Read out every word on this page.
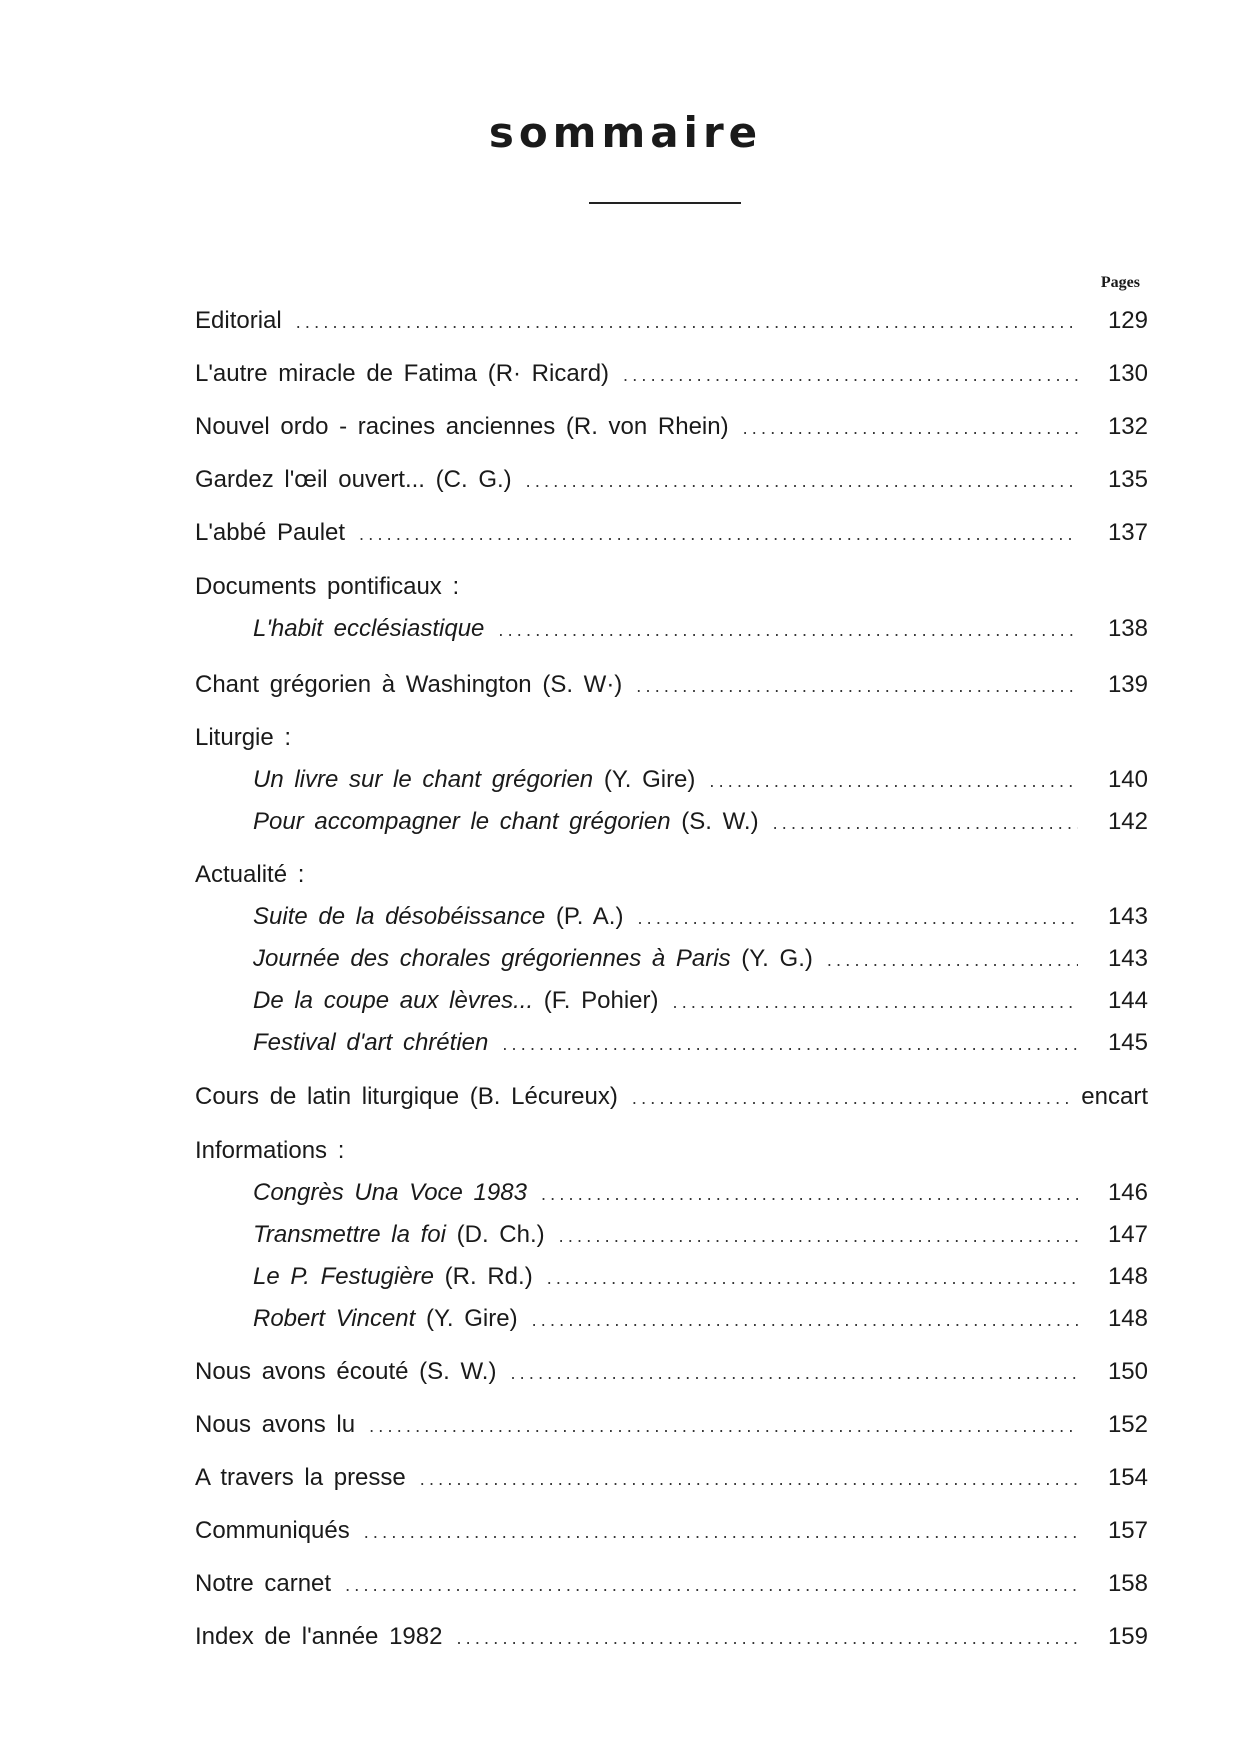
sommaire
Pages
Editorial .....	129
L'autre miracle de Fatima (R· Ricard) .....	130
Nouvel ordo - racines anciennes (R. von Rhein) .....	132
Gardez l'œil ouvert... (C. G.) .....	135
L'abbé Paulet .....	137
Documents pontificaux :
L'habit ecclésiastique .....	138
Chant grégorien à Washington (S. W·) .....	139
Liturgie :
Un livre sur le chant grégorien (Y. Gire) .....	140
Pour accompagner le chant grégorien (S. W.) .....	142
Actualité :
Suite de la désobéissance (P. A.) .....	143
Journée des chorales grégoriennes à Paris (Y. G.) .....	143
De la coupe aux lèvres... (F. Pohier) .....	144
Festival d'art chrétien .....	145
Cours de latin liturgique (B. Lécureux) .....	encart
Informations :
Congrès Una Voce 1983 .....	146
Transmettre la foi (D. Ch.) .....	147
Le P. Festugière (R. Rd.) .....	148
Robert Vincent (Y. Gire) .....	148
Nous avons écouté (S. W.) .....	150
Nous avons lu .....	152
A travers la presse .....	154
Communiqués .....	157
Notre carnet .....	158
Index de l'année 1982 .....	159
